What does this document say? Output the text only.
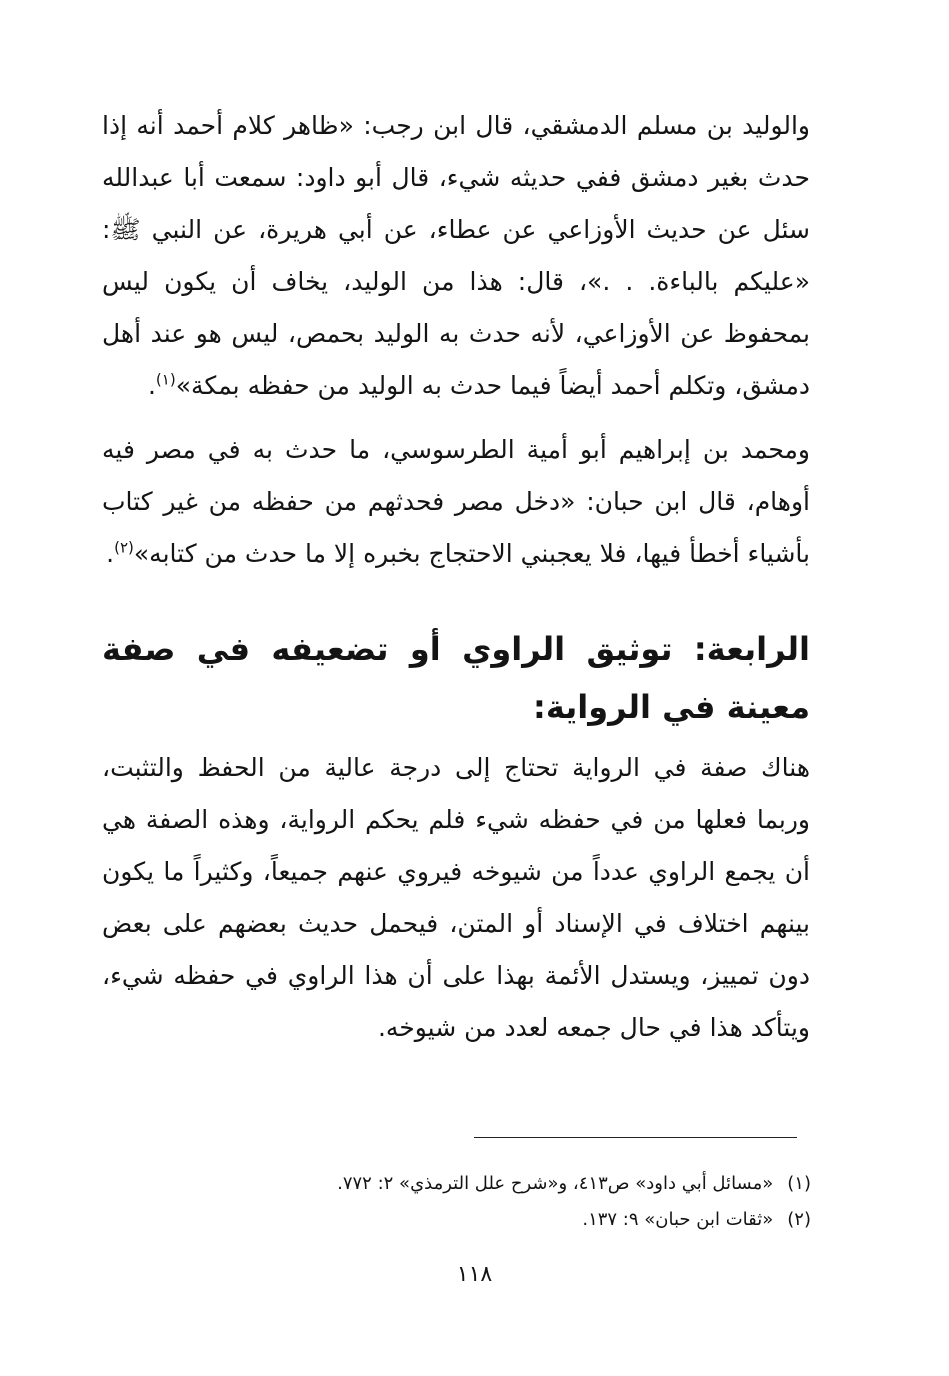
والوليد بن مسلم الدمشقي، قال ابن رجب: «ظاهر كلام أحمد أنه إذا حدث بغير دمشق ففي حديثه شيء، قال أبو داود: سمعت أبا عبدالله سئل عن حديث الأوزاعي عن عطاء، عن أبي هريرة، عن النبي ﷺ: «عليكم بالباءة. . .»، قال: هذا من الوليد، يخاف أن يكون ليس بمحفوظ عن الأوزاعي، لأنه حدث به الوليد بحمص، ليس هو عند أهل دمشق، وتكلم أحمد أيضاً فيما حدث به الوليد من حفظه بمكة»$^{(١)}$.

ومحمد بن إبراهيم أبو أمية الطرسوسي، ما حدث به في مصر فيه أوهام، قال ابن حبان: «دخل مصر فحدثهم من حفظه من غير كتاب بأشياء أخطأ فيها، فلا يعجبني الاحتجاج بخبره إلا ما حدث من كتابه»$^{(٢)}$.

الرابعة: توثيق الراوي أو تضعيفه في صفة معينة في الرواية:

هناك صفة في الرواية تحتاج إلى درجة عالية من الحفظ والتثبت، وربما فعلها من في حفظه شيء فلم يحكم الرواية، وهذه الصفة هي أن يجمع الراوي عدداً من شيوخه فيروي عنهم جميعاً، وكثيراً ما يكون بينهم اختلاف في الإسناد أو المتن، فيحمل حديث بعضهم على بعض دون تمييز، ويستدل الأئمة بهذا على أن هذا الراوي في حفظه شيء، ويتأكد هذا في حال جمعه لعدد من شيوخه.

(١)
«مسائل أبي داود» ص٤١٣، و«شرح علل الترمذي» ٢: ٧٧٢.
(٢)
«ثقات ابن حبان» ٩: ١٣٧.
١١٨
